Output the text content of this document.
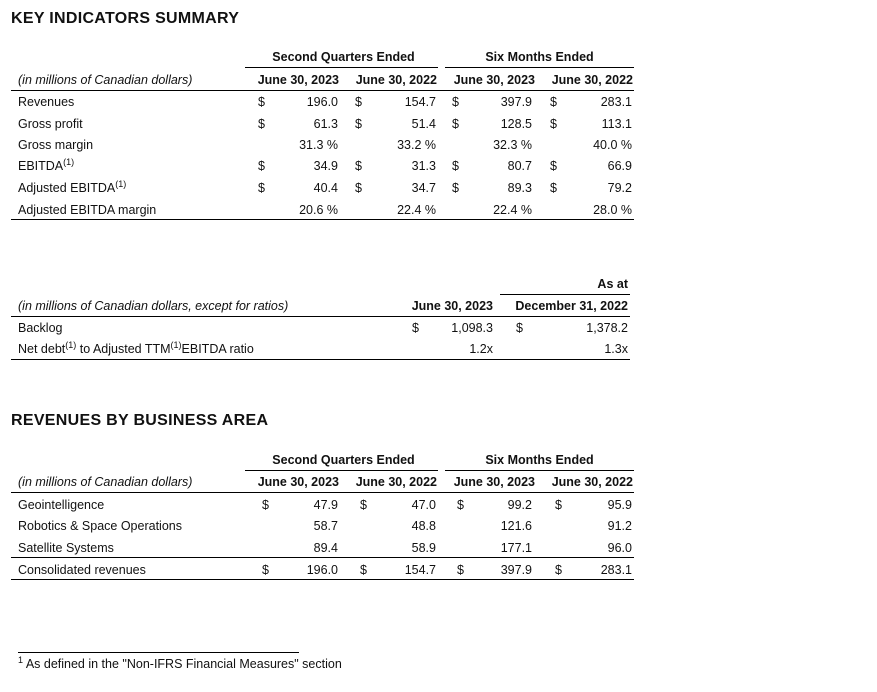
KEY INDICATORS SUMMARY
Second Quarters Ended	Six Months Ended
(in millions of Canadian dollars)	June 30, 2023	June 30, 2022	June 30, 2023	June 30, 2022
Revenues	$	196.0 $	154.7 $	397.9 $	283.1
Gross profit	$	61.3 $	51.4 $	128.5 $	113.1
Gross margin	31.3 %	33.2 %	32.3 %	40.0 %
EBITDA$^{(1)}$	$	34.9 $	31.3 $	80.7 $	66.9
Adjusted EBITDA$^{(1)}$	$	40.4 $	34.7 $	89.3 $	79.2
Adjusted EBITDA margin	20.6 %	22.4 %	22.4 %	28.0 %
As at
(in millions of Canadian dollars, except for ratios)	June 30, 2023	December 31, 2022
Backlog	$	1,098.3 $	1,378.2
Net debt$^{(1)}$ to Adjusted TTM$^{(1)}$EBITDA ratio	1.2x	1.3x
REVENUES BY BUSINESS AREA
Second Quarters Ended	Six Months Ended
(in millions of Canadian dollars)	June 30, 2023	June 30, 2022	June 30, 2023	June 30, 2022
Geointelligence	$	47.9 $	47.0 $	99.2 $	95.9
Robotics & Space Operations	58.7	48.8	121.6	91.2
Satellite Systems	89.4	58.9	177.1	96.0
Consolidated revenues	$	196.0 $	154.7 $	397.9 $	283.1
$^1$ As defined in the "Non-IFRS Financial Measures" section
